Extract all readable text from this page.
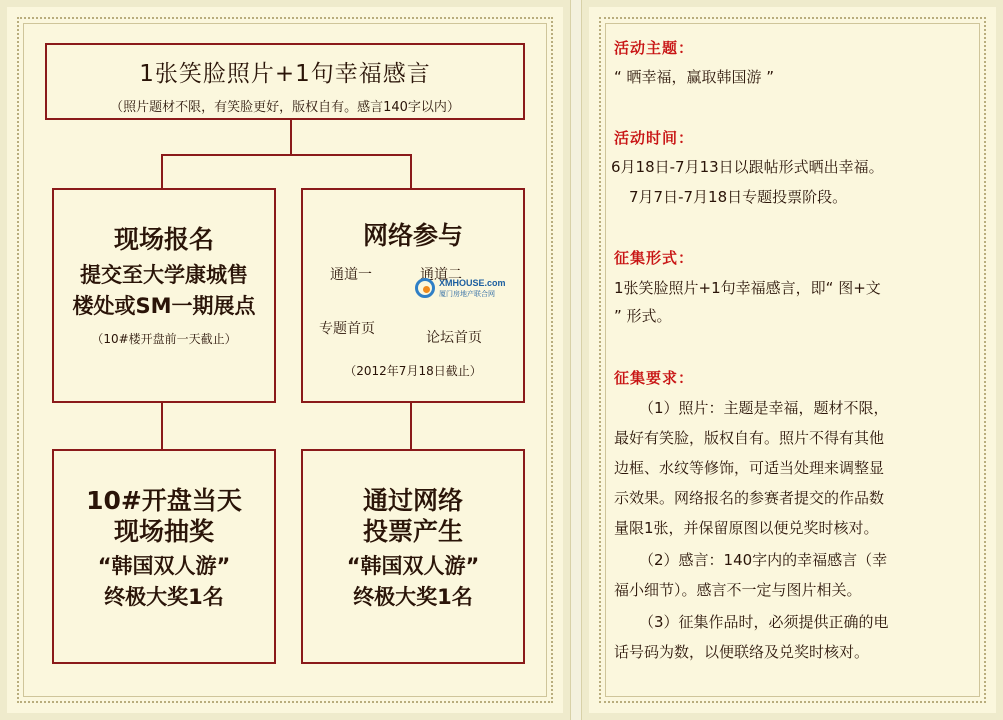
1张笑脸照片+1句幸福感言
（照片题材不限，有笑脸更好，版权自有。感言140字以内）
现场报名
提交至大学康城售
楼处或SM一期展点
（10#楼开盘前一天截止）
网络参与
通道一	通道二
XMHOUSE.com
厦门房地产联合网
专题首页
论坛首页
（2012年7月18日截止）
10#开盘当天
现场抽奖
“韩国双人游”
终极大奖1名
通过网络
投票产生
“韩国双人游”
终极大奖1名
活动主题：
“ 晒幸福，赢取韩国游 ”
活动时间：
6月18日-7月13日以跟帖形式晒出幸福。
7月7日-7月18日专题投票阶段。
征集形式：
1张笑脸照片+1句幸福感言，即“ 图+文
” 形式。
征集要求：
（1）照片：主题是幸福，题材不限，
最好有笑脸，版权自有。照片不得有其他
边框、水纹等修饰，可适当处理来调整显
示效果。网络报名的参赛者提交的作品数
量限1张，并保留原图以便兑奖时核对。
（2）感言：140字内的幸福感言（幸
福小细节）。感言不一定与图片相关。
（3）征集作品时，必须提供正确的电
话号码为数，以便联络及兑奖时核对。
